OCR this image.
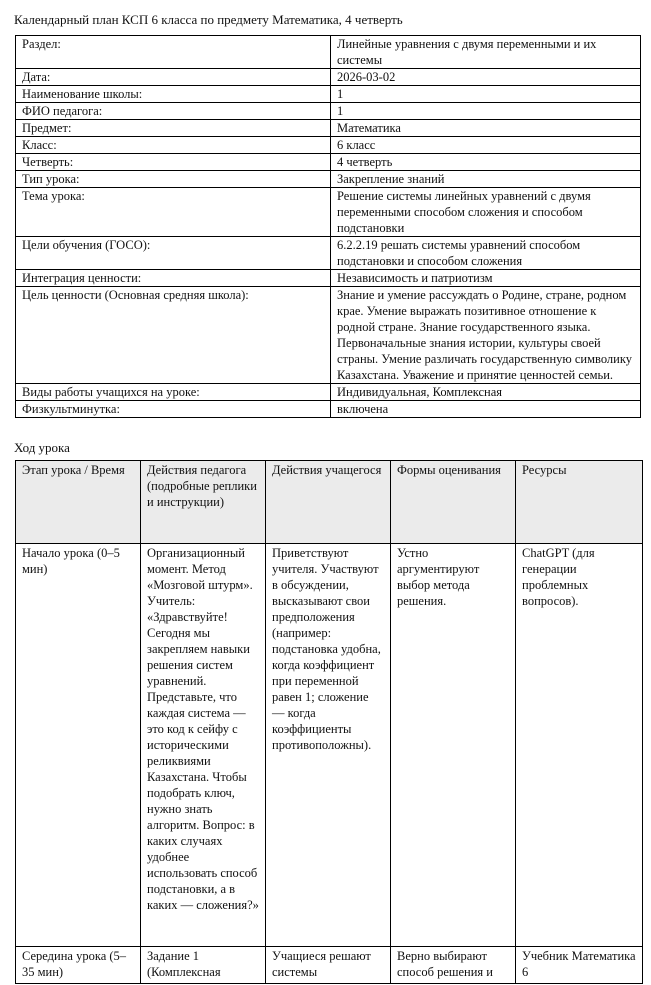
Календарный план КСП 6 класса по предмету Математика, 4 четверть
Раздел:	Линейные уравнения с двумя переменными и их системы
Дата:	2026-03-02
Наименование школы:	1
ФИО педагога:	1
Предмет:	Математика
Класс:	6 класс
Четверть:	4 четверть
Тип урока:	Закрепление знаний
Тема урока:	Решение системы линейных уравнений с двумя переменными способом сложения и способом подстановки
Цели обучения (ГОСО):	6.2.2.19 решать системы уравнений способом подстановки и способом сложения
Интеграция ценности:	Независимость и патриотизм
Цель ценности (Основная средняя школа):	Знание и умение рассуждать о Родине, стране, родном крае. Умение выражать позитивное отношение к родной стране. Знание государственного языка. Первоначальные знания истории, культуры своей страны. Умение различать государственную символику Казахстана. Уважение и принятие ценностей семьи.
Виды работы учащихся на уроке:	Индивидуальная, Комплексная
Физкультминутка:	включена
Ход урока
Этап урока / Время	Действия педагога (подробные реплики и инструкции)	Действия учащегося	Формы оценивания	Ресурсы
Начало урока (0–5 мин)	Организационный момент. Метод «Мозговой штурм». Учитель: «Здравствуйте! Сегодня мы закрепляем навыки решения систем уравнений. Представьте, что каждая система — это код к сейфу с историческими реликвиями Казахстана. Чтобы подобрать ключ, нужно знать алгоритм. Вопрос: в каких случаях удобнее использовать способ подстановки, а в каких — сложения?»	Приветствуют учителя. Участвуют в обсуждении, высказывают свои предположения (например: подстановка удобна, когда коэффициент при переменной равен 1; сложение — когда коэффициенты противоположны).	Устно аргументируют выбор метода решения.	ChatGPT (для генерации проблемных вопросов).
Середина урока (5–35 мин)	Задание 1 (Комплексная	Учащиеся решают системы	Верно выбирают способ решения и	Учебник Математика 6
